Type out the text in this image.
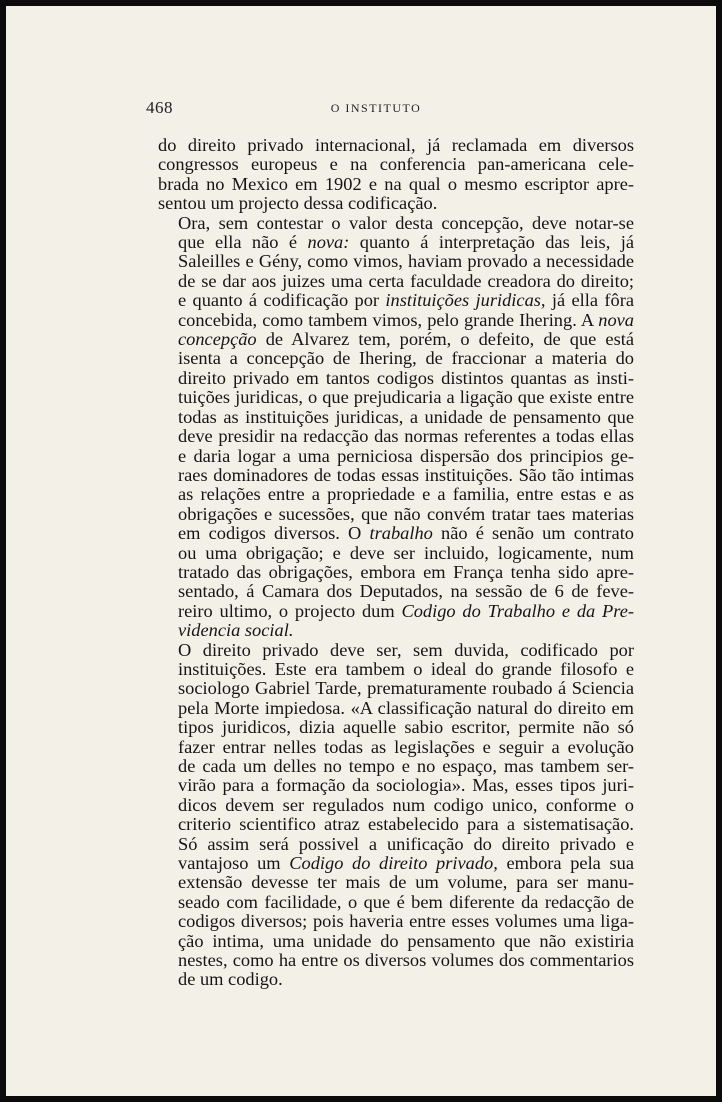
468	O INSTITUTO

do direito privado internacional, já reclamada em diversos
congressos europeus e na conferencia pan-americana cele-
brada no Mexico em 1902 e na qual o mesmo escriptor apre-
sentou um projecto dessa codificação.

Ora, sem contestar o valor desta concepção, deve notar-se
que ella não é nova: quanto á interpretação das leis, já
Saleilles e Gény, como vimos, haviam provado a necessidade
de se dar aos juizes uma certa faculdade creadora do direito;
e quanto á codificação por instituições juridicas, já ella fôra
concebida, como tambem vimos, pelo grande Ihering. A nova
concepção de Alvarez tem, porém, o defeito, de que está
isenta a concepção de Ihering, de fraccionar a materia do
direito privado em tantos codigos distintos quantas as insti-
tuições juridicas, o que prejudicaria a ligação que existe entre
todas as instituições juridicas, a unidade de pensamento que
deve presidir na redacção das normas referentes a todas ellas
e daria logar a uma perniciosa dispersão dos principios ge-
raes dominadores de todas essas instituições. São tão intimas
as relações entre a propriedade e a familia, entre estas e as
obrigações e sucessões, que não convém tratar taes materias
em codigos diversos. O trabalho não é senão um contrato
ou uma obrigação; e deve ser incluido, logicamente, num
tratado das obrigações, embora em França tenha sido apre-
sentado, á Camara dos Deputados, na sessão de 6 de feve-
reiro ultimo, o projecto dum Codigo do Trabalho e da Pre-
videncia social.

O direito privado deve ser, sem duvida, codificado por
instituições. Este era tambem o ideal do grande filosofo e
sociologo Gabriel Tarde, prematuramente roubado á Sciencia
pela Morte impiedosa. «A classificação natural do direito em
tipos juridicos, dizia aquelle sabio escritor, permite não só
fazer entrar nelles todas as legislações e seguir a evolução
de cada um delles no tempo e no espaço, mas tambem ser-
virão para a formação da sociologia». Mas, esses tipos juri-
dicos devem ser regulados num codigo unico, conforme o
criterio scientifico atraz estabelecido para a sistematisação.
Só assim será possivel a unificação do direito privado e
vantajoso um Codigo do direito privado, embora pela sua
extensão devesse ter mais de um volume, para ser manu-
seado com facilidade, o que é bem diferente da redacção de
codigos diversos; pois haveria entre esses volumes uma liga-
ção intima, uma unidade do pensamento que não existiria
nestes, como ha entre os diversos volumes dos commentarios
de um codigo.
